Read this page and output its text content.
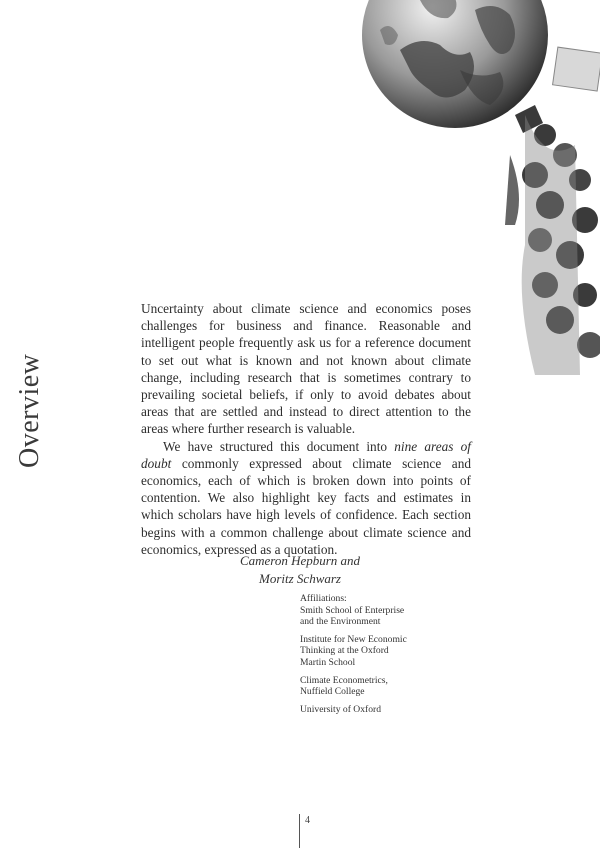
Overview

Uncertainty about climate science and economics poses challenges for business and finance. Reasonable and intelligent people frequently ask us for a reference document to set out what is known and not known about climate change, including research that is sometimes contrary to prevailing societal beliefs, if only to avoid debates about areas that are settled and instead to direct attention to the areas where further research is valuable.

We have structured this document into nine areas of doubt commonly expressed about climate science and economics, each of which is broken down into points of contention. We also highlight key facts and estimates in which scholars have high levels of confidence. Each section begins with a common challenge about climate science and economics, expressed as a quotation.

Cameron Hepburn and
Moritz Schwarz
Affiliations:
Smith School of Enterprise
and the Environment
Institute for New Economic
Thinking at the Oxford
Martin School
Climate Econometrics,
Nuffield College
University of Oxford
4
